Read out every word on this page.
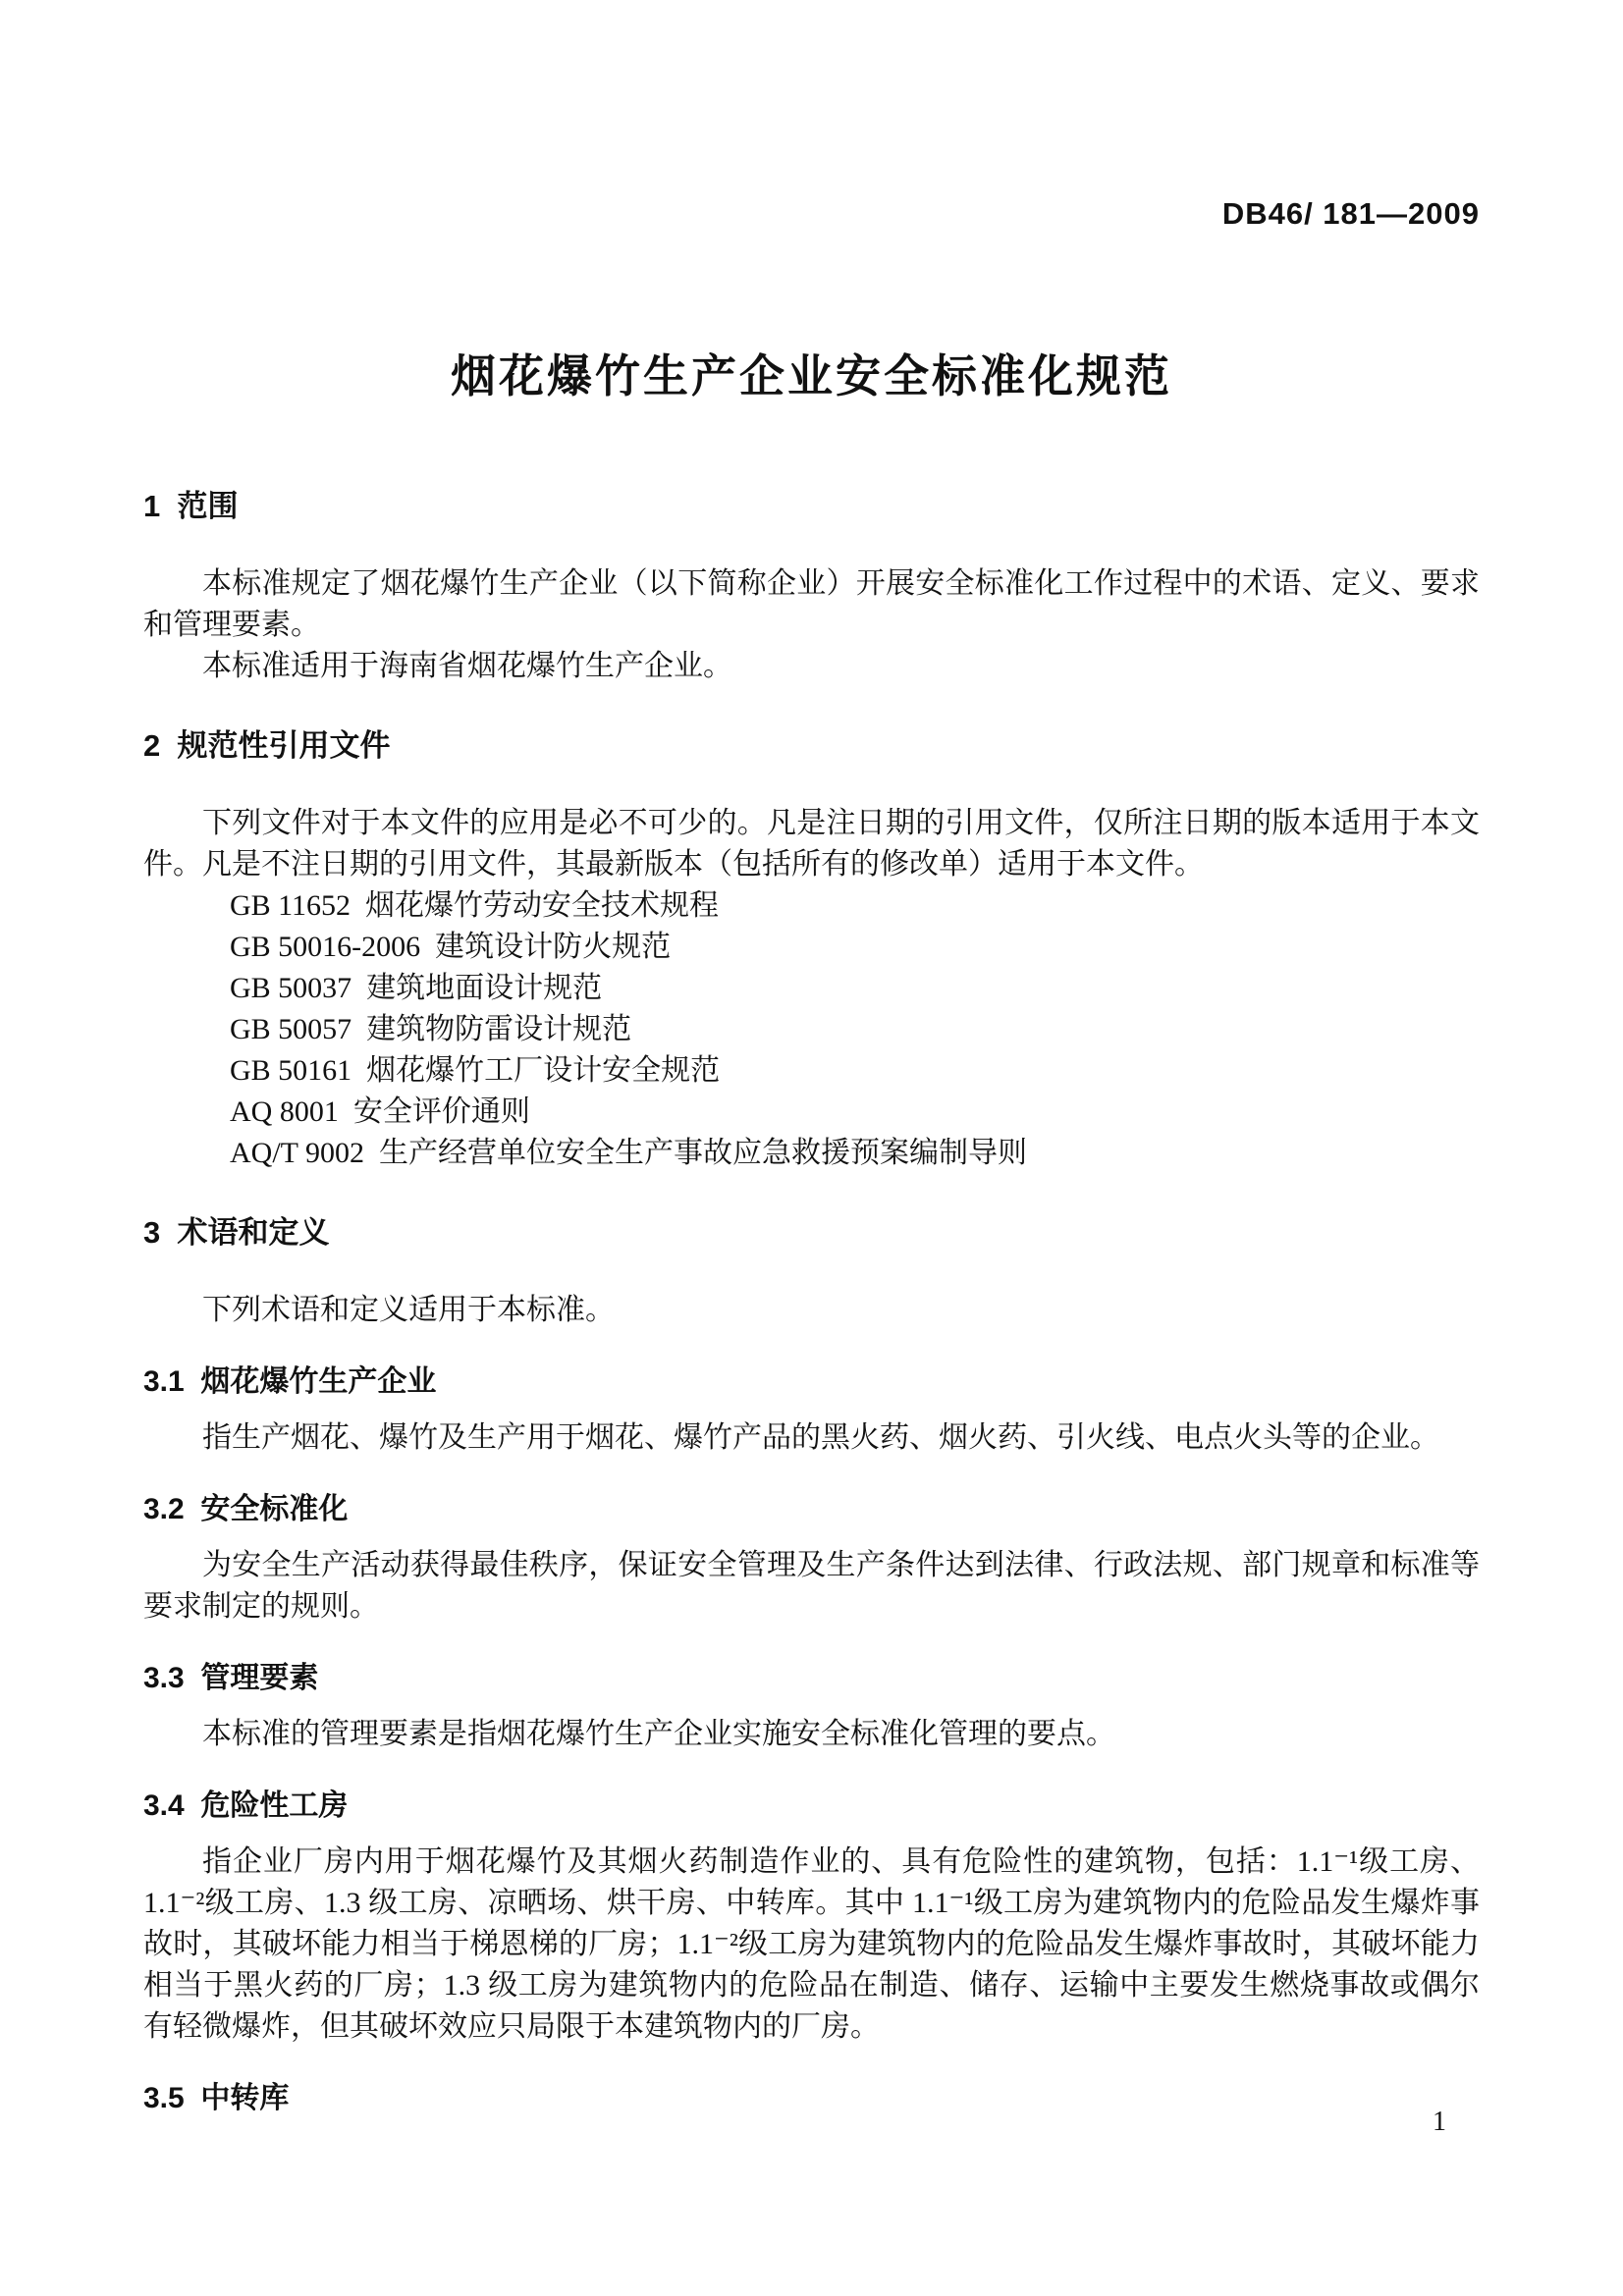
DB46/ 181—2009
烟花爆竹生产企业安全标准化规范
1  范围

本标准规定了烟花爆竹生产企业（以下简称企业）开展安全标准化工作过程中的术语、定义、要求和管理要素。

本标准适用于海南省烟花爆竹生产企业。

2  规范性引用文件

下列文件对于本文件的应用是必不可少的。凡是注日期的引用文件，仅所注日期的版本适用于本文件。凡是不注日期的引用文件，其最新版本（包括所有的修改单）适用于本文件。

GB 11652  烟花爆竹劳动安全技术规程
GB 50016-2006  建筑设计防火规范
GB 50037  建筑地面设计规范
GB 50057  建筑物防雷设计规范
GB 50161  烟花爆竹工厂设计安全规范
AQ 8001  安全评价通则
AQ/T 9002  生产经营单位安全生产事故应急救援预案编制导则
3  术语和定义

下列术语和定义适用于本标准。

3.1  烟花爆竹生产企业

指生产烟花、爆竹及生产用于烟花、爆竹产品的黑火药、烟火药、引火线、电点火头等的企业。

3.2  安全标准化

为安全生产活动获得最佳秩序，保证安全管理及生产条件达到法律、行政法规、部门规章和标准等要求制定的规则。

3.3  管理要素

本标准的管理要素是指烟花爆竹生产企业实施安全标准化管理的要点。

3.4  危险性工房

指企业厂房内用于烟花爆竹及其烟火药制造作业的、具有危险性的建筑物，包括：1.1⁻¹级工房、1.1⁻²级工房、1.3 级工房、凉晒场、烘干房、中转库。其中 1.1⁻¹级工房为建筑物内的危险品发生爆炸事故时，其破坏能力相当于梯恩梯的厂房；1.1⁻²级工房为建筑物内的危险品发生爆炸事故时，其破坏能力相当于黑火药的厂房；1.3 级工房为建筑物内的危险品在制造、储存、运输中主要发生燃烧事故或偶尔有轻微爆炸，但其破坏效应只局限于本建筑物内的厂房。

3.5  中转库
1
